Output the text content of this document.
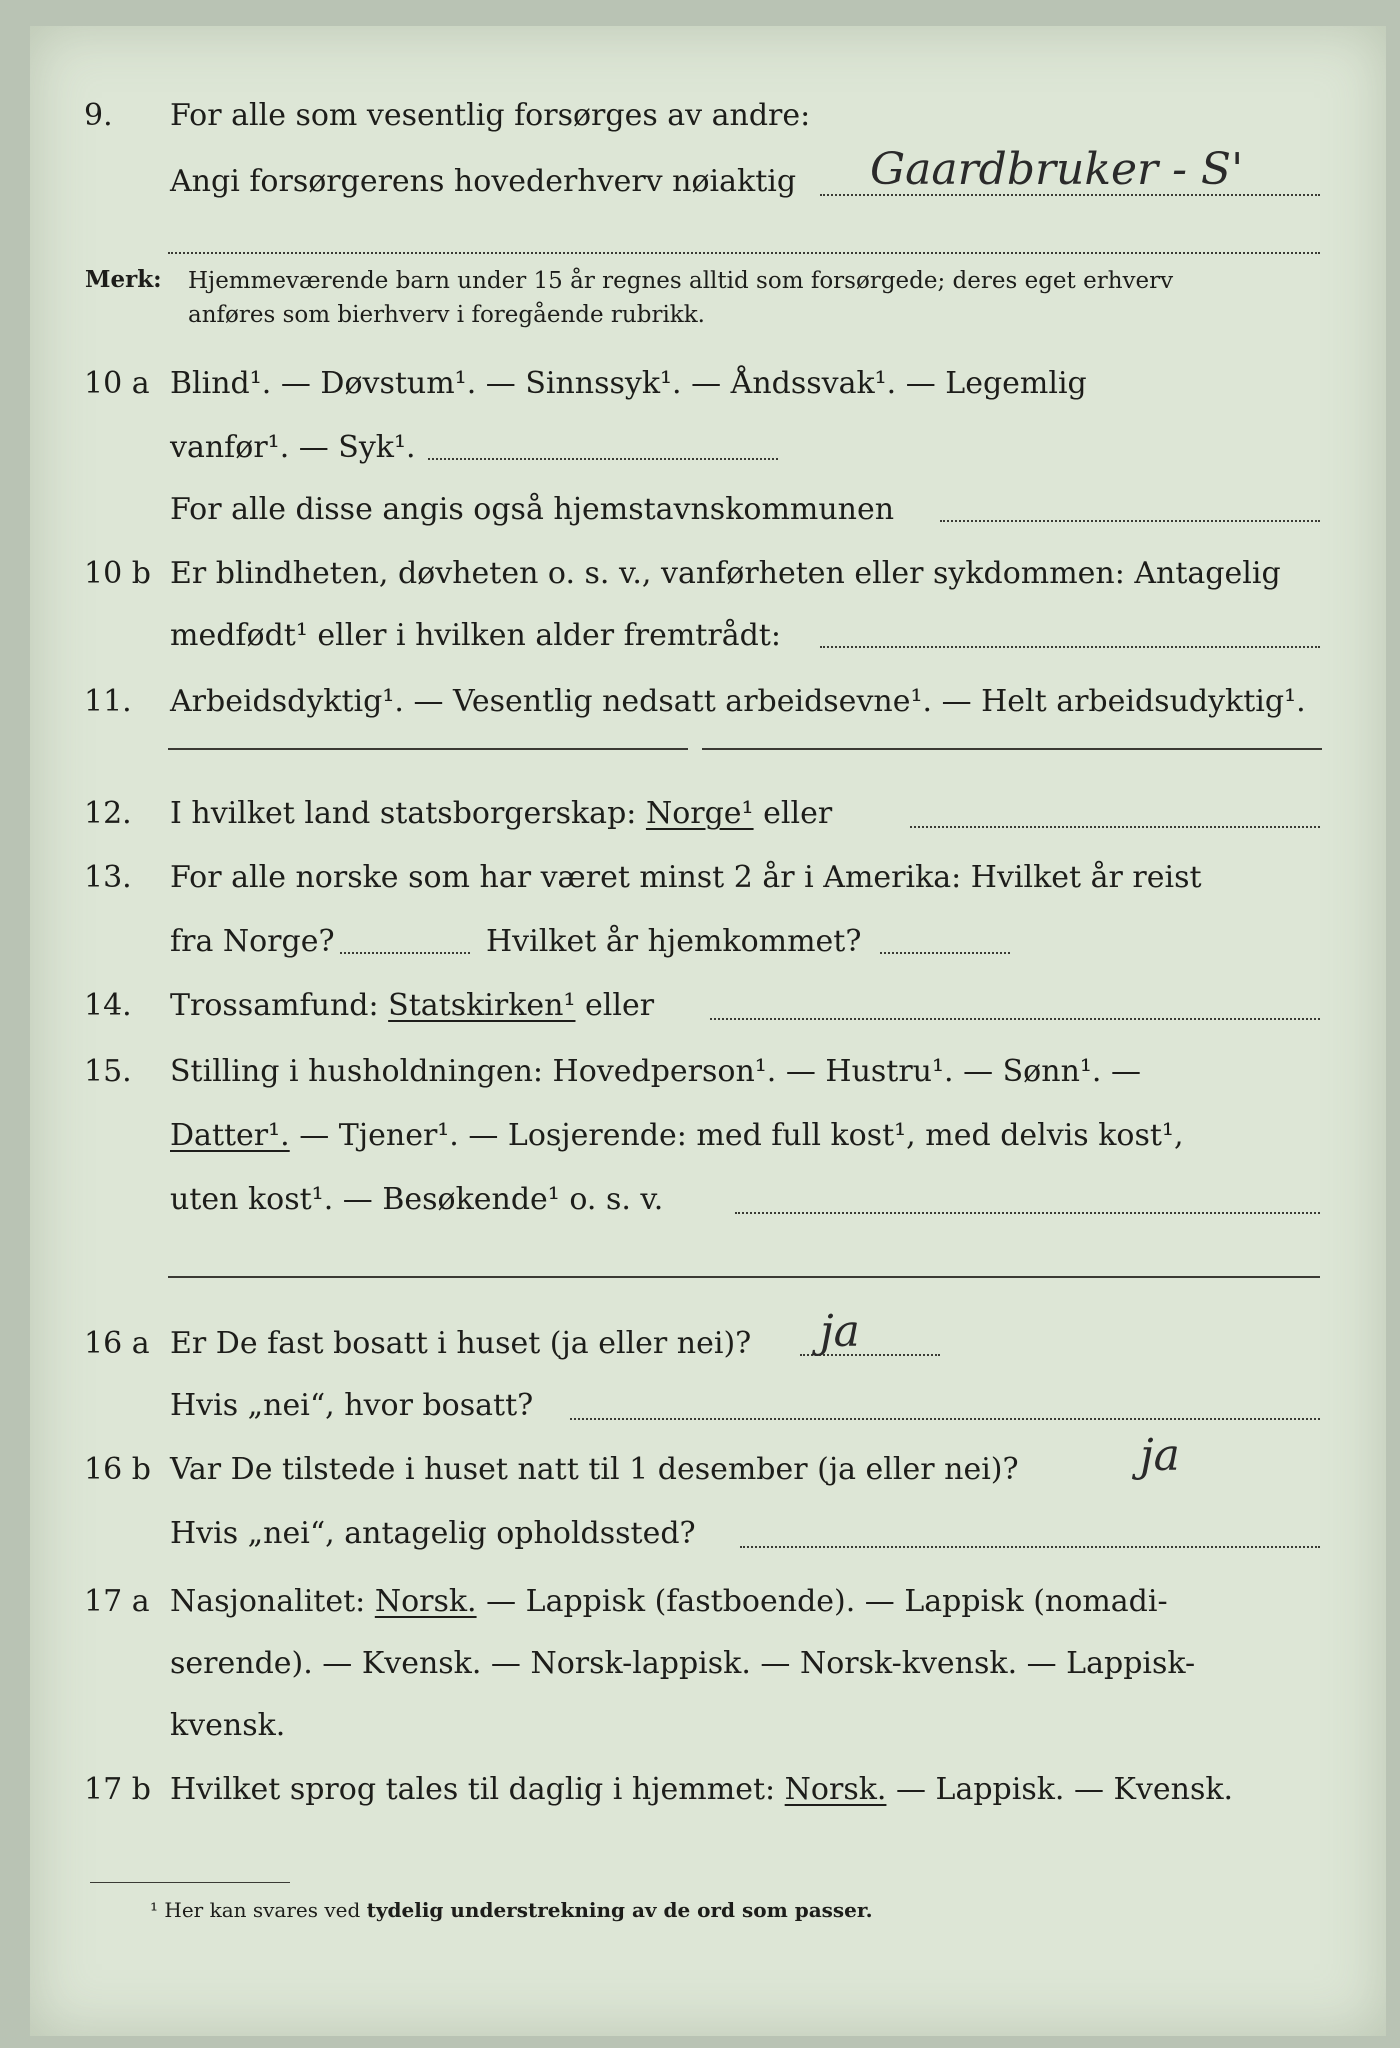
9.	For alle som vesentlig forsørges av andre:
Angi forsørgerens hovederhverv nøiaktig Gaardbruker - S'
Merk: Hjemmeværende barn under 15 år regnes alltid som forsørgede; deres eget erhverv
anføres som bierhverv i foregående rubrikk.
10 a Blind¹. — Døvstum¹. — Sinnssyk¹. — Åndssvak¹. — Legemlig
vanfør¹. — Syk¹.
For alle disse angis også hjemstavnskommunen
10 b Er blindheten, døvheten o. s. v., vanførheten eller sykdommen: Antagelig
medfødt¹ eller i hvilken alder fremtrådt:
11.	Arbeidsdyktig¹. — Vesentlig nedsatt arbeidsevne¹. — Helt arbeidsudyktig¹.
12.	I hvilket land statsborgerskap: Norge¹ eller
13.	For alle norske som har været minst 2 år i Amerika: Hvilket år reist
fra Norge?	Hvilket år hjemkommet?
14.	Trossamfund: Statskirken¹ eller
15.	Stilling i husholdningen: Hovedperson¹. — Hustru¹. — Sønn¹. —
Datter¹. — Tjener¹. — Losjerende: med full kost¹, med delvis kost¹,
uten kost¹. — Besøkende¹ o. s. v.
16 a Er De fast bosatt i huset (ja eller nei)? ja
Hvis „nei“, hvor bosatt?
16 b Var De tilstede i huset natt til 1 desember (ja eller nei)?	ja
Hvis „nei“, antagelig opholdssted?
17 a Nasjonalitet: Norsk. — Lappisk (fastboende). — Lappisk (nomadi-
serende). — Kvensk. — Norsk-lappisk. — Norsk-kvensk. — Lappisk-
kvensk.
17 b Hvilket sprog tales til daglig i hjemmet: Norsk. — Lappisk. — Kvensk.
¹ Her kan svares ved tydelig understrekning av de ord som passer.
